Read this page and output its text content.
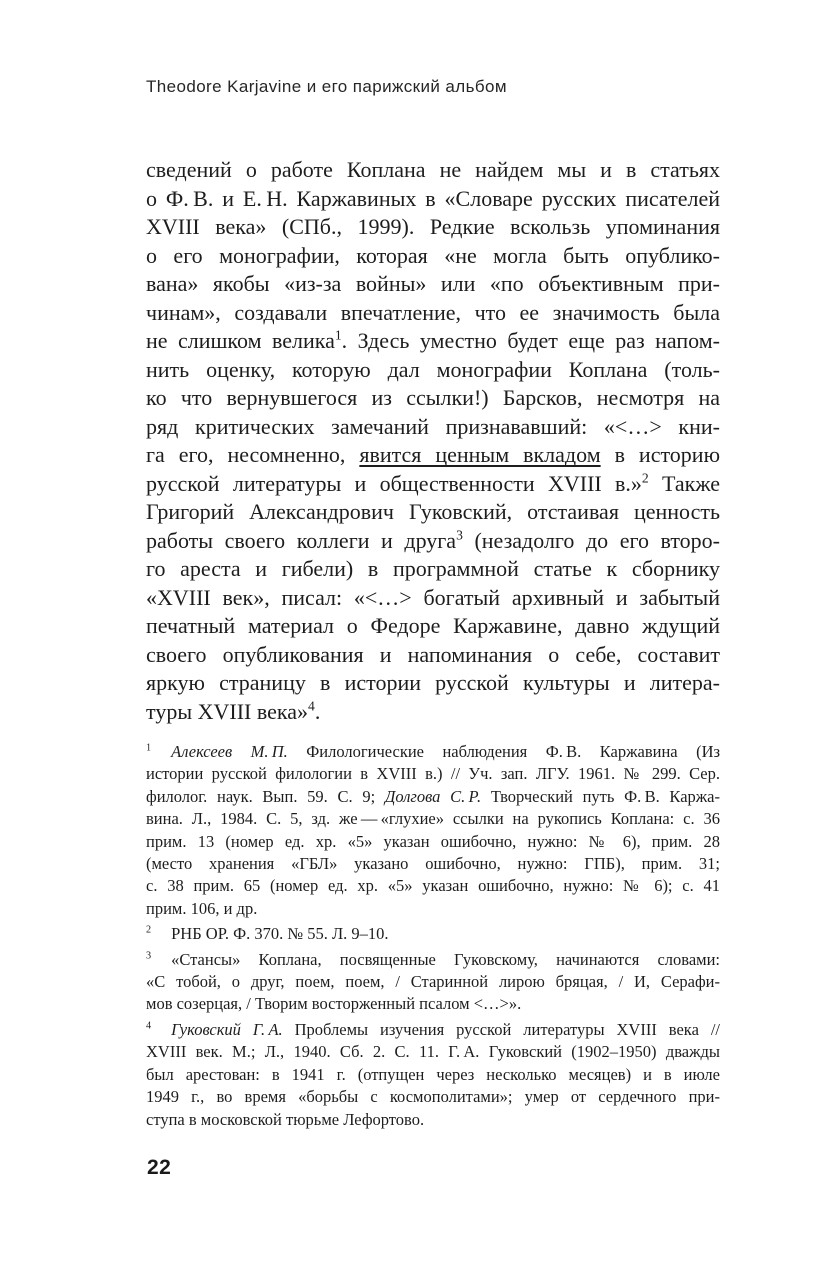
Theodore Karjavine и его парижский альбом
сведений о работе Коплана не найдем мы и в статьях
о Ф. В. и Е. Н. Каржавиных в «Словаре русских писателей
XVIII века» (СПб., 1999). Редкие вскользь упоминания
о его монографии, которая «не могла быть опублико-
вана» якобы «из-за войны» или «по объективным при-
чинам», создавали впечатление, что ее значимость была
не слишком велика$^1$. Здесь уместно будет еще раз напом-
нить оценку, которую дал монографии Коплана (толь-
ко что вернувшегося из ссылки!) Барсков, несмотря на
ряд критических замечаний признававший: «<…> кни-
га его, несомненно, явится ценным вкладом в историю
русской литературы и общественности XVIII в.»$^2$ Также
Григорий Александрович Гуковский, отстаивая ценность
работы своего коллеги и друга$^3$ (незадолго до его второ-
го ареста и гибели) в программной статье к сборнику
«XVIII век», писал: «<…> богатый архивный и забытый
печатный материал о Федоре Каржавине, давно ждущий
своего опубликования и напоминания о себе, составит
яркую страницу в истории русской культуры и литера-
туры XVIII века»$^4$.
$^1$ Алексеев М. П. Филологические наблюдения Ф. В. Каржавина (Из
истории русской филологии в XVIII в.) // Уч. зап. ЛГУ. 1961. № 299. Сер.
филолог. наук. Вып. 59. С. 9; Долгова С. Р. Творческий путь Ф. В. Каржа-
вина. Л., 1984. С. 5, зд. же — «глухие» ссылки на рукопись Коплана: с. 36
прим. 13 (номер ед. хр. «5» указан ошибочно, нужно: № 6), прим. 28
(место хранения «ГБЛ» указано ошибочно, нужно: ГПБ), прим. 31;
с. 38 прим. 65 (номер ед. хр. «5» указан ошибочно, нужно: № 6); с. 41
прим. 106, и др.
$^2$ РНБ ОР. Ф. 370. № 55. Л. 9–10.
$^3$ «Стансы» Коплана, посвященные Гуковскому, начинаются словами:
«С тобой, о друг, поем, поем, / Старинной лирою бряцая, / И, Серафи-
мов созерцая, / Творим восторженный псалом <…>».
$^4$ Гуковский Г. А. Проблемы изучения русской литературы XVIII века //
XVIII век. М.; Л., 1940. Сб. 2. С. 11. Г. А. Гуковский (1902–1950) дважды
был арестован: в 1941 г. (отпущен через несколько месяцев) и в июле
1949 г., во время «борьбы с космополитами»; умер от сердечного при-
ступа в московской тюрьме Лефортово.
22
